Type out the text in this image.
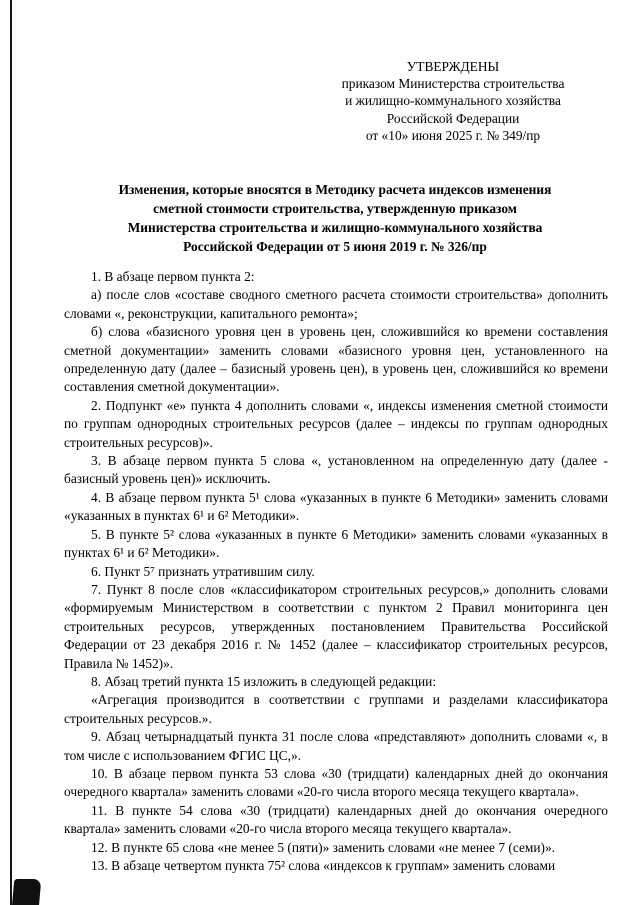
УТВЕРЖДЕНЫ
приказом Министерства строительства
и жилищно-коммунального хозяйства
Российской Федерации
от «10» июня 2025 г. № 349/пр
Изменения, которые вносятся в Методику расчета индексов изменения
сметной стоимости строительства, утвержденную приказом
Министерства строительства и жилищно-коммунального хозяйства
Российской Федерации от 5 июня 2019 г. № 326/пр

1. В абзаце первом пункта 2:

а) после слов «составе сводного сметного расчета стоимости строительства» дополнить словами «, реконструкции, капитального ремонта»;

б) слова «базисного уровня цен в уровень цен, сложившийся ко времени составления сметной документации» заменить словами «базисного уровня цен, установленного на определенную дату (далее – базисный уровень цен), в уровень цен, сложившийся ко времени составления сметной документации».

2. Подпункт «е» пункта 4 дополнить словами «, индексы изменения сметной стоимости по группам однородных строительных ресурсов (далее – индексы по группам однородных строительных ресурсов)».

3. В абзаце первом пункта 5 слова «, установленном на определенную дату (далее - базисный уровень цен)» исключить.

4. В абзаце первом пункта 5¹ слова «указанных в пункте 6 Методики» заменить словами «указанных в пунктах 6¹ и 6² Методики».

5. В пункте 5² слова «указанных в пункте 6 Методики» заменить словами «указанных в пунктах 6¹ и 6² Методики».

6. Пункт 5⁷ признать утратившим силу.

7. Пункт 8 после слов «классификатором строительных ресурсов,» дополнить словами «формируемым Министерством в соответствии с пунктом 2 Правил мониторинга цен строительных ресурсов, утвержденных постановлением Правительства Российской Федерации от 23 декабря 2016 г. № 1452 (далее – классификатор строительных ресурсов, Правила № 1452)».

8. Абзац третий пункта 15 изложить в следующей редакции:

«Агрегация производится в соответствии с группами и разделами классификатора строительных ресурсов.».

9. Абзац четырнадцатый пункта 31 после слова «представляют» дополнить словами «, в том числе с использованием ФГИС ЦС,».

10. В абзаце первом пункта 53 слова «30 (тридцати) календарных дней до окончания очередного квартала» заменить словами «20-го числа второго месяца текущего квартала».

11. В пункте 54 слова «30 (тридцати) календарных дней до окончания очередного квартала» заменить словами «20-го числа второго месяца текущего квартала».

12. В пункте 65 слова «не менее 5 (пяти)» заменить словами «не менее 7 (семи)».

13. В абзаце четвертом пункта 75² слова «индексов к группам» заменить словами
